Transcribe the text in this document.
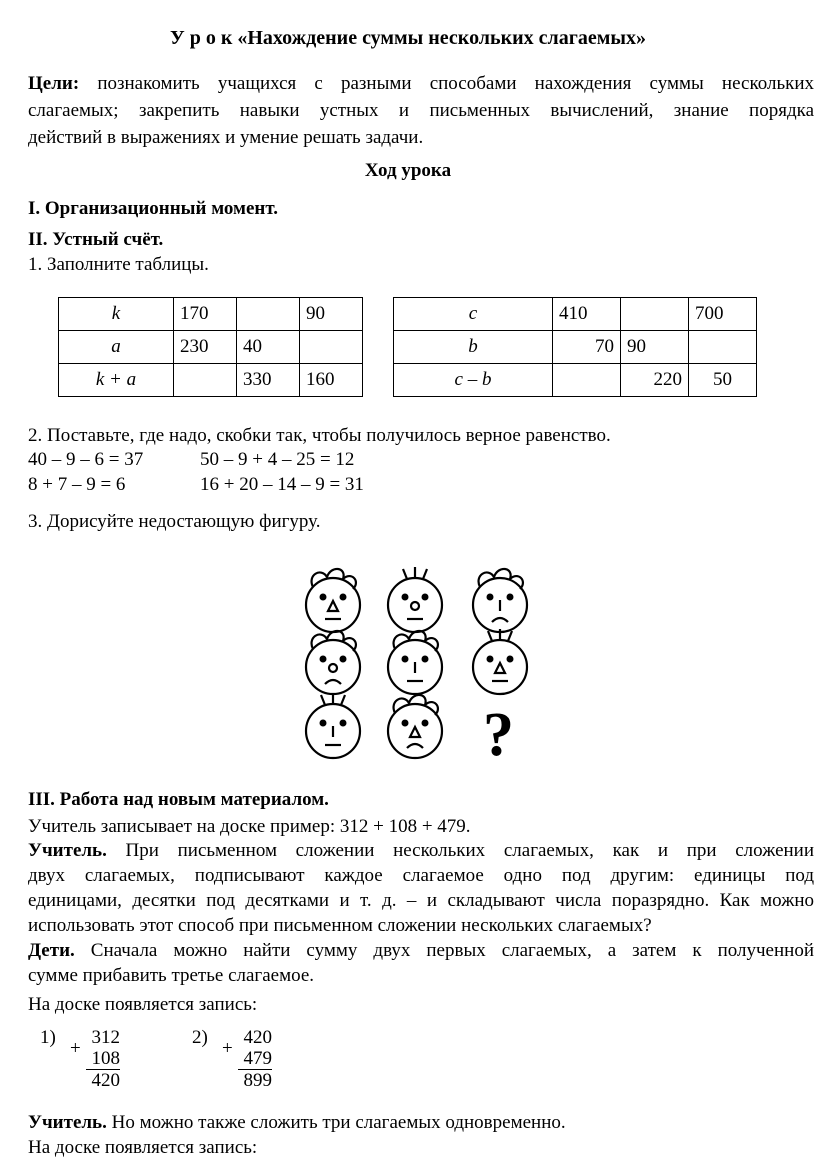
У р о к «Нахождение суммы нескольких слагаемых»
Цели: познакомить учащихся с разными способами нахождения суммы нескольких
слагаемых; закрепить навыки устных и письменных вычислений, знание порядка
действий в выражениях и умение решать задачи.
Ход урока
I. Организационный момент.
II. Устный счёт.
1. Заполните таблицы.
k	170		90
a	230	40	
k + a		330	160
c	410		700
b	70	90	
c – b		220	50
2. Поставьте, где надо, скобки так, чтобы получилось верное равенство.
40 – 9 – 6 = 37	50 – 9 + 4 – 25 = 12
8 + 7 – 9 = 6	16 + 20 – 14 – 9 = 31
3. Дорисуйте недостающую фигуру.
?
III. Работа над новым материалом.
Учитель записывает на доске пример: 312 + 108 + 479.
Учитель. При письменном сложении нескольких слагаемых, как и при сложении
двух слагаемых, подписывают каждое слагаемое одно под другим: единицы под
единицами, десятки под десятками и т. д. – и складывают числа поразрядно. Как можно
использовать этот способ при письменном сложении нескольких слагаемых?
Дети. Сначала можно найти сумму двух первых слагаемых, а затем к полученной
сумме прибавить третье слагаемое.
На доске появляется запись:
1)
+
312
108
420
2)
+
420
479
899
Учитель. Но можно также сложить три слагаемых одновременно.
На доске появляется запись:
